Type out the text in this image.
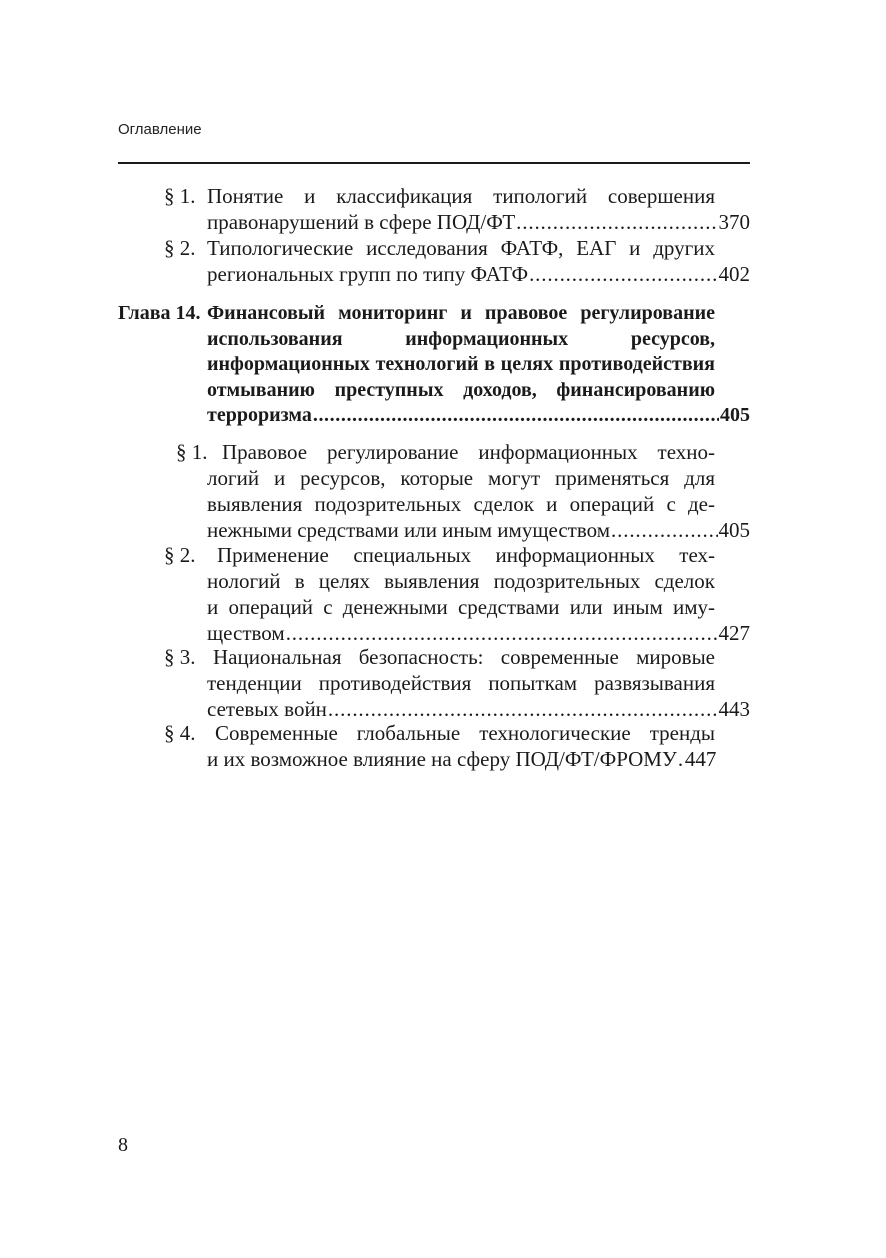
Оглавление
§ 1. Понятие и классификация типологий совершения
правонарушений в сфере ПОД/ФТ . . .	370
§ 2. Типологические исследования ФАТФ, ЕАГ и других
региональных групп по типу ФАТФ . . .	402
Глава 14. Финансовый мониторинг и правовое регулирование
использования информационных ресурсов,
информационных технологий в целях противодействия
отмыванию преступных доходов, финансированию
терроризма . . .	405
§ 1. Правовое регулирование информационных техно-
логий и ресурсов, которые могут применяться для
выявления подозрительных сделок и операций с де-
нежными средствами или иным имуществом . . .	405
§ 2.	Применение специальных информационных тех-
нологий в целях выявления подозрительных сделок
и операций с денежными средствами или иным иму-
ществом . . .	427
§ 3. Национальная безопасность: современные мировые
тенденции противодействия попыткам развязывания
сетевых войн . . .	443
§ 4. Современные глобальные технологические тренды
и их возможное влияние на сферу ПОД/ФТ/ФРОМУ . . . 447
8
